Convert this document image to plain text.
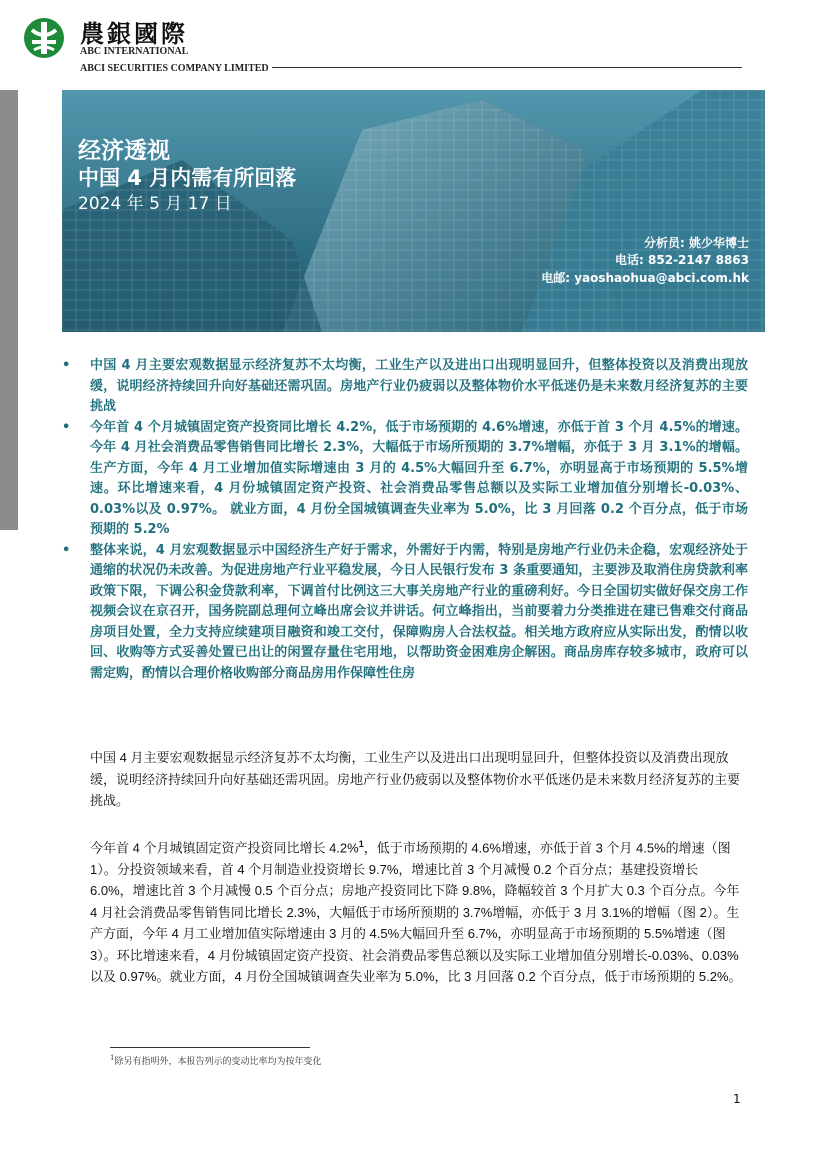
農銀國際
ABC INTERNATIONAL
ABCI SECURITIES COMPANY LIMITED
经济透视
中国 4 月内需有所回落
2024 年 5 月 17 日
分析员: 姚少华博士
电话: 852-2147 8863
电邮: yaoshaohua@abci.com.hk
• 中国 4 月主要宏观数据显示经济复苏不太均衡，工业生产以及进出口出现明显回升，但整体投资以及消费出现放缓，说明经济持续回升向好基础还需巩固。房地产行业仍疲弱以及整体物价水平低迷仍是未来数月经济复苏的主要挑战
• 今年首 4 个月城镇固定资产投资同比增长 4.2%，低于市场预期的 4.6%增速，亦低于首 3 个月 4.5%的增速。今年 4 月社会消费品零售销售同比增长 2.3%，大幅低于市场所预期的 3.7%增幅，亦低于 3 月 3.1%的增幅。生产方面，今年 4 月工业增加值实际增速由 3 月的 4.5%大幅回升至 6.7%，亦明显高于市场预期的 5.5%增速。环比增速来看，4 月份城镇固定资产投资、社会消费品零售总额以及实际工业增加值分别增长-0.03%、0.03%以及 0.97%。 就业方面，4 月份全国城镇调查失业率为 5.0%，比 3 月回落 0.2 个百分点，低于市场预期的 5.2%
• 整体来说，4 月宏观数据显示中国经济生产好于需求，外需好于内需，特别是房地产行业仍未企稳，宏观经济处于通缩的状况仍未改善。为促进房地产行业平稳发展，今日人民银行发布 3 条重要通知，主要涉及取消住房贷款利率政策下限，下调公积金贷款利率，下调首付比例这三大事关房地产行业的重磅利好。今日全国切实做好保交房工作视频会议在京召开，国务院副总理何立峰出席会议并讲话。何立峰指出，当前要着力分类推进在建已售难交付商品房项目处置，全力支持应续建项目融资和竣工交付，保障购房人合法权益。相关地方政府应从实际出发，酌情以收回、收购等方式妥善处置已出让的闲置存量住宅用地，以帮助资金困难房企解困。商品房库存较多城市，政府可以需定购，酌情以合理价格收购部分商品房用作保障性住房
中国 4 月主要宏观数据显示经济复苏不太均衡，工业生产以及进出口出现明显回升，但整体投资以及消费出现放缓，说明经济持续回升向好基础还需巩固。房地产行业仍疲弱以及整体物价水平低迷仍是未来数月经济复苏的主要挑战。
今年首 4 个月城镇固定资产投资同比增长 4.2%$^1$，低于市场预期的 4.6%增速，亦低于首 3 个月 4.5%的增速（图 1）。分投资领域来看，首 4 个月制造业投资增长 9.7%，增速比首 3 个月减慢 0.2 个百分点；基建投资增长 6.0%，增速比首 3 个月减慢 0.5 个百分点；房地产投资同比下降 9.8%，降幅较首 3 个月扩大 0.3 个百分点。今年 4 月社会消费品零售销售同比增长 2.3%，大幅低于市场所预期的 3.7%增幅，亦低于 3 月 3.1%的增幅（图 2）。生产方面，今年 4 月工业增加值实际增速由 3 月的 4.5%大幅回升至 6.7%，亦明显高于市场预期的 5.5%增速（图 3）。环比增速来看，4 月份城镇固定资产投资、社会消费品零售总额以及实际工业增加值分别增长-0.03%、0.03%以及 0.97%。就业方面，4 月份全国城镇调查失业率为 5.0%，比 3 月回落 0.2 个百分点，低于市场预期的 5.2%。
$^1$除另有指明外，本报告列示的变动比率均为按年变化
1
